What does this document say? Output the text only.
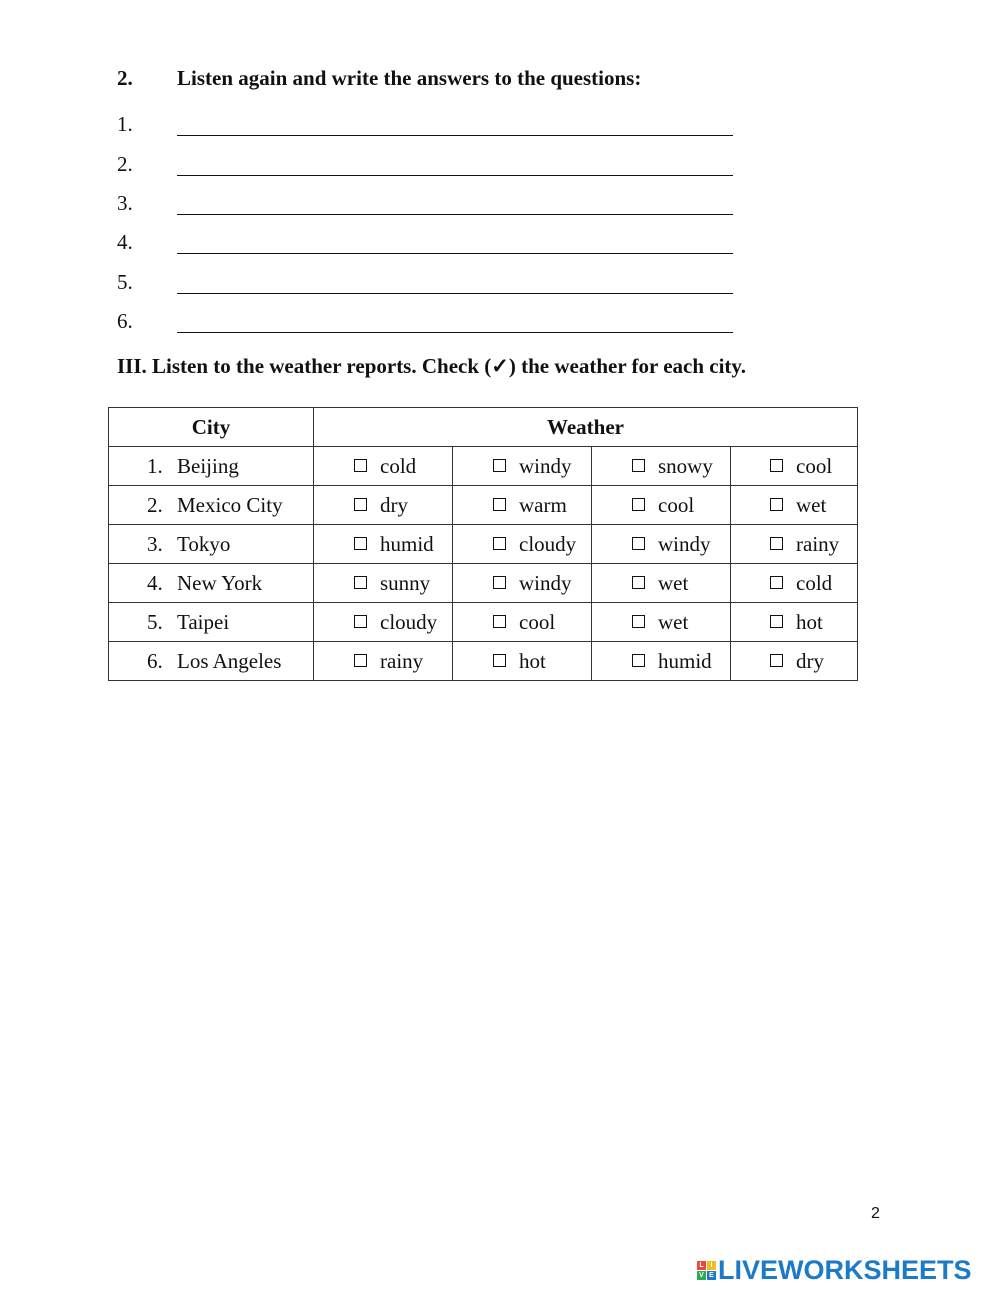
2. Listen again and write the answers to the questions:
1.
2.
3.
4.
5.
6.
III. Listen to the weather reports. Check (✓) the weather for each city.
City	Weather			
1. Beijing	cold	windy	snowy	cool
2. Mexico City	dry	warm	cool	wet
3. Tokyo	humid	cloudy	windy	rainy
4. New York	sunny	windy	wet	cold
5. Taipei	cloudy	cool	wet	hot
6. Los Angeles	rainy	hot	humid	dry
2
L I
V E LIVEWORKSHEETS
